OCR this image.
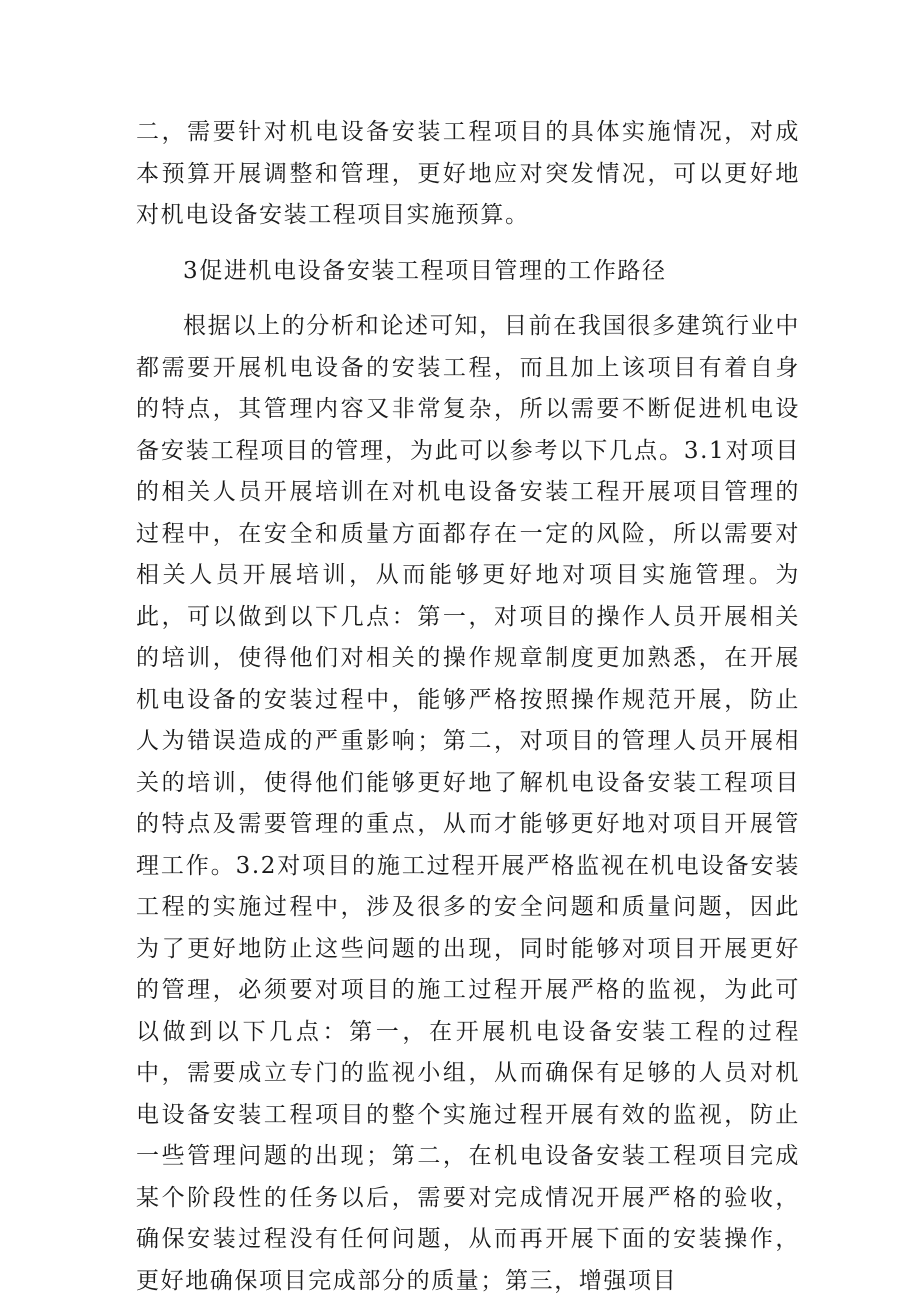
二，需要针对机电设备安装工程项目的具体实施情况，对成本预算开展调整和管理，更好地应对突发情况，可以更好地对机电设备安装工程项目实施预算。

3促进机电设备安装工程项目管理的工作路径

根据以上的分析和论述可知，目前在我国很多建筑行业中都需要开展机电设备的安装工程，而且加上该项目有着自身的特点，其管理内容又非常复杂，所以需要不断促进机电设备安装工程项目的管理，为此可以参考以下几点。3.1对项目的相关人员开展培训在对机电设备安装工程开展项目管理的过程中，在安全和质量方面都存在一定的风险，所以需要对相关人员开展培训，从而能够更好地对项目实施管理。为此，可以做到以下几点：第一，对项目的操作人员开展相关的培训，使得他们对相关的操作规章制度更加熟悉，在开展机电设备的安装过程中，能够严格按照操作规范开展，防止人为错误造成的严重影响；第二，对项目的管理人员开展相关的培训，使得他们能够更好地了解机电设备安装工程项目的特点及需要管理的重点，从而才能够更好地对项目开展管理工作。3.2对项目的施工过程开展严格监视在机电设备安装工程的实施过程中，涉及很多的安全问题和质量问题，因此为了更好地防止这些问题的出现，同时能够对项目开展更好的管理，必须要对项目的施工过程开展严格的监视，为此可以做到以下几点：第一，在开展机电设备安装工程的过程中，需要成立专门的监视小组，从而确保有足够的人员对机电设备安装工程项目的整个实施过程开展有效的监视，防止一些管理问题的出现；第二，在机电设备安装工程项目完成某个阶段性的任务以后，需要对完成情况开展严格的验收，确保安装过程没有任何问题，从而再开展下面的安装操作，更好地确保项目完成部分的质量；第三，增强项目
